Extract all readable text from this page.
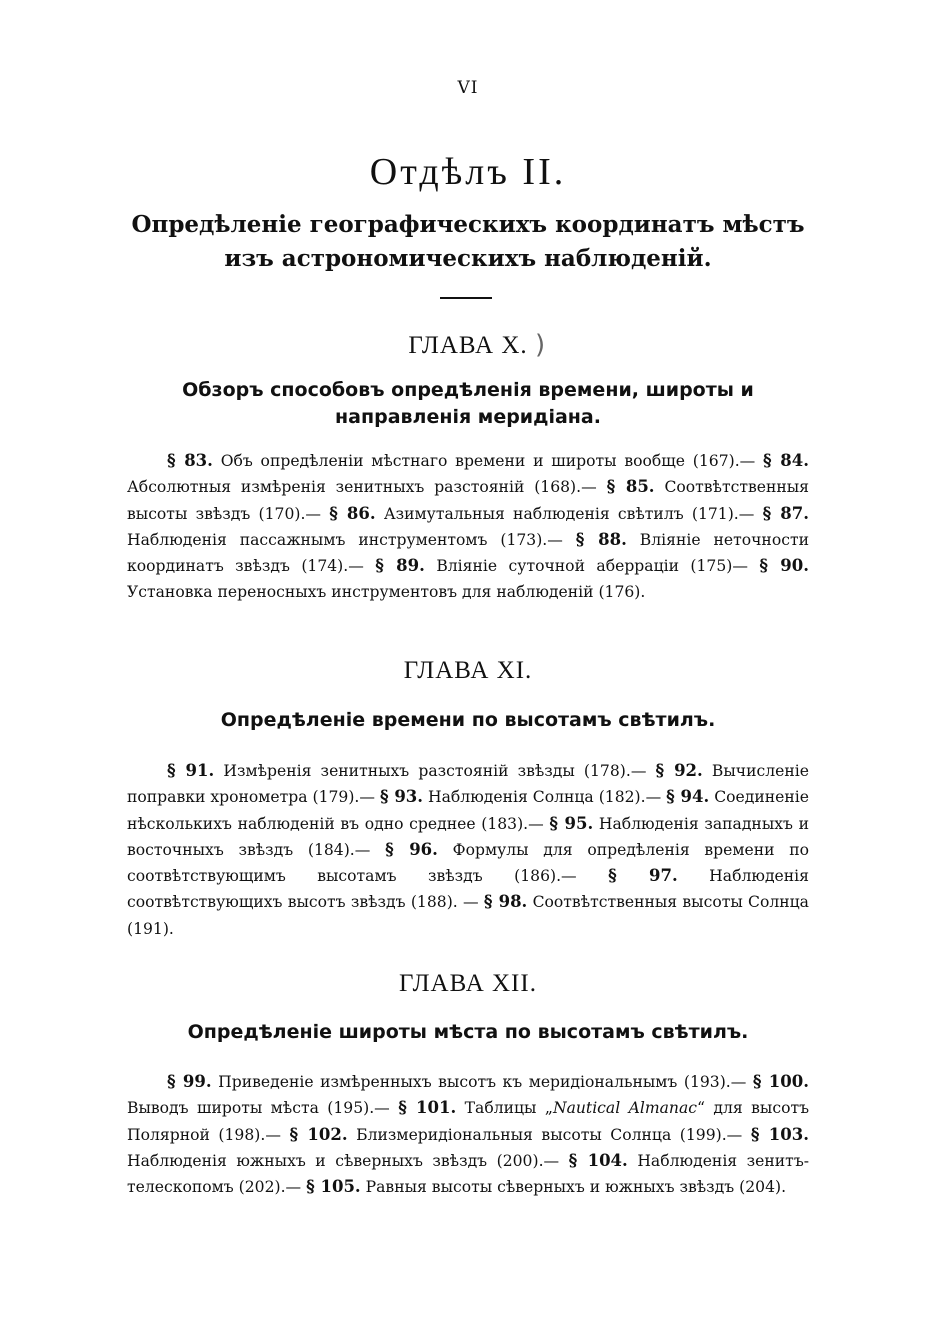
VI
Отдѣлъ II.
Опредѣленіе географическихъ координатъ мѣстъ изъ астрономическихъ наблюденій.
)
ГЛАВА X.
Обзоръ способовъ опредѣленія времени, широты и направленія меридіана.
§ 83. Объ опредѣленіи мѣстнаго времени и широты вообще (167).— § 84. Абсолютныя измѣренія зенитныхъ разстояній (168).— § 85. Соотвѣтственныя высоты звѣздъ (170).— § 86. Азимутальныя наблюденія свѣтилъ (171).— § 87. Наблюденія пассажнымъ инструментомъ (173).— § 88. Вліяніе неточности координатъ звѣздъ (174).— § 89. Вліяніе суточной аберраціи (175)— § 90. Установка переносныхъ инструментовъ для наблюденій (176).
ГЛАВА XI.
Опредѣленіе времени по высотамъ свѣтилъ.
§ 91. Измѣренія зенитныхъ разстояній звѣзды (178).— § 92. Вычисленіе поправки хронометра (179).— § 93. Наблюденія Солнца (182).— § 94. Соединеніе нѣсколькихъ наблюденій въ одно среднее (183).— § 95. Наблюденія западныхъ и восточныхъ звѣздъ (184).— § 96. Формулы для опредѣленія времени по соотвѣтствующимъ высотамъ звѣздъ (186).— § 97. Наблюденія соотвѣтствующихъ высотъ звѣздъ (188). — § 98. Соотвѣтственныя высоты Солнца (191).
ГЛАВА XII.
Опредѣленіе широты мѣста по высотамъ свѣтилъ.
§ 99. Приведеніе измѣренныхъ высотъ къ меридіональнымъ (193).— § 100. Выводъ широты мѣста (195).— § 101. Таблицы „Nautical Almanac“ для высотъ Полярной (198).— § 102. Близмеридіональныя высоты Солнца (199).— § 103. Наблюденія южныхъ и сѣверныхъ звѣздъ (200).— § 104. Наблюденія зенитъ-телескопомъ (202).— § 105. Равныя высоты сѣверныхъ и южныхъ звѣздъ (204).
